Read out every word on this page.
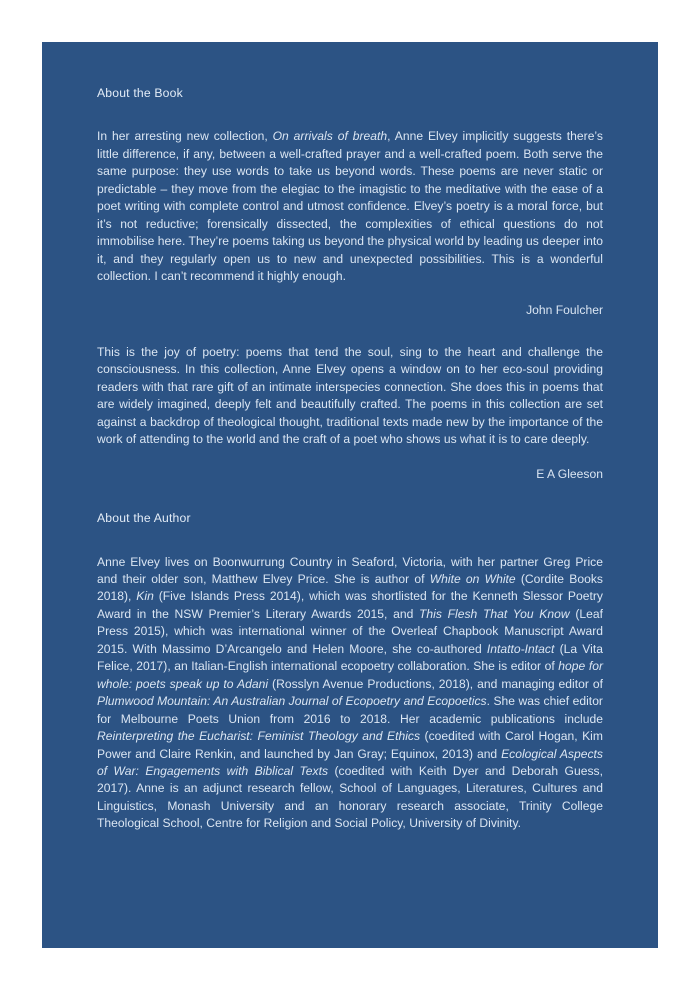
About the Book

In her arresting new collection, On arrivals of breath, Anne Elvey implicitly suggests there’s little difference, if any, between a well-crafted prayer and a well-crafted poem. Both serve the same purpose: they use words to take us beyond words. These poems are never static or predictable – they move from the elegiac to the imagistic to the meditative with the ease of a poet writing with complete control and utmost confidence. Elvey’s poetry is a moral force, but it’s not reductive; forensically dissected, the complexities of ethical questions do not immobilise here. They’re poems taking us beyond the physical world by leading us deeper into it, and they regularly open us to new and unexpected possibilities. This is a wonderful collection. I can’t recommend it highly enough.

John Foulcher

This is the joy of poetry: poems that tend the soul, sing to the heart and challenge the consciousness. In this collection, Anne Elvey opens a window on to her eco-soul providing readers with that rare gift of an intimate interspecies connection. She does this in poems that are widely imagined, deeply felt and beautifully crafted. The poems in this collection are set against a backdrop of theological thought, traditional texts made new by the importance of the work of attending to the world and the craft of a poet who shows us what it is to care deeply.

E A Gleeson

About the Author

Anne Elvey lives on Boonwurrung Country in Seaford, Victoria, with her partner Greg Price and their older son, Matthew Elvey Price. She is author of White on White (Cordite Books 2018), Kin (Five Islands Press 2014), which was shortlisted for the Kenneth Slessor Poetry Award in the NSW Premier’s Literary Awards 2015, and This Flesh That You Know (Leaf Press 2015), which was international winner of the Overleaf Chapbook Manuscript Award 2015. With Massimo D’Arcangelo and Helen Moore, she co-authored Intatto-Intact (La Vita Felice, 2017), an Italian-English international ecopoetry collaboration. She is editor of hope for whole: poets speak up to Adani (Rosslyn Avenue Productions, 2018), and managing editor of Plumwood Mountain: An Australian Journal of Ecopoetry and Ecopoetics. She was chief editor for Melbourne Poets Union from 2016 to 2018. Her academic publications include Reinterpreting the Eucharist: Feminist Theology and Ethics (coedited with Carol Hogan, Kim Power and Claire Renkin, and launched by Jan Gray; Equinox, 2013) and Ecological Aspects of War: Engagements with Biblical Texts (coedited with Keith Dyer and Deborah Guess, 2017). Anne is an adjunct research fellow, School of Languages, Literatures, Cultures and Linguistics, Monash University and an honorary research associate, Trinity College Theological School, Centre for Religion and Social Policy, University of Divinity.
